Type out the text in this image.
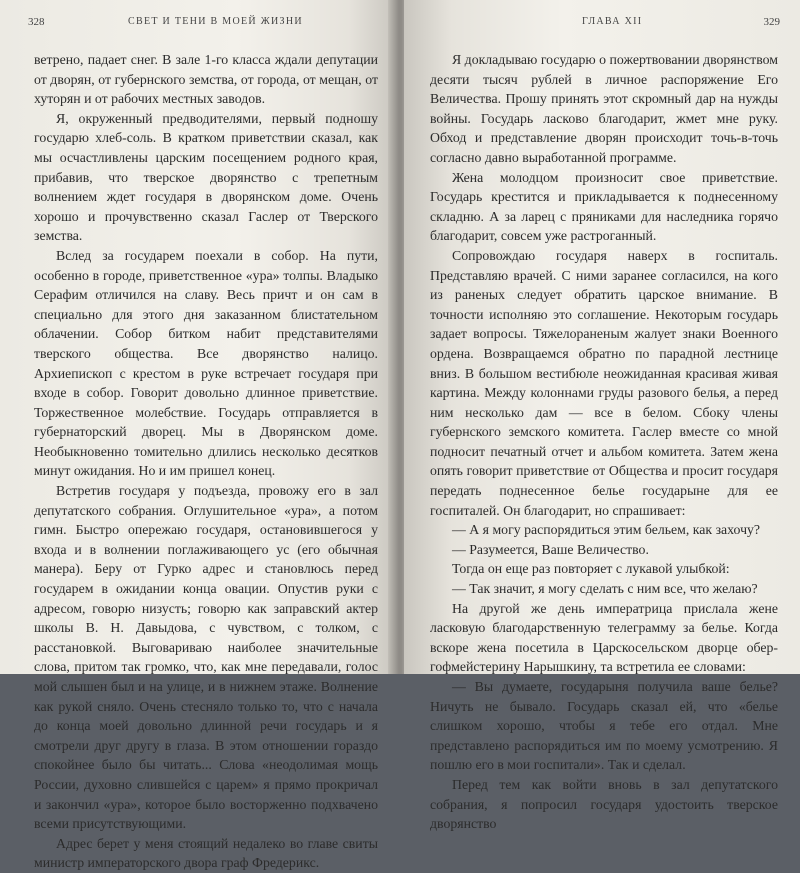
328	СВЕТ И ТЕНИ В МОЕЙ ЖИЗНИ

ветрено, падает снег. В зале 1-го класса ждали депутации от дворян, от губернского земства, от города, от мещан, от хуторян и от рабочих местных заводов.

Я, окруженный предводителями, первый подношу государю хлеб-соль. В кратком приветствии сказал, как мы осчастливлены царским посещением родного края, прибавив, что тверское дворянство с трепетным волнением ждет государя в дворянском доме. Очень хорошо и прочувственно сказал Гаслер от Тверского земства.

Вслед за государем поехали в собор. На пути, особенно в городе, приветственное «ура» толпы. Владыко Серафим отличился на славу. Весь причт и он сам в специально для этого дня заказанном блистательном облачении. Собор битком набит представителями тверского общества. Все дворянство налицо. Архиепископ с крестом в руке встречает государя при входе в собор. Говорит довольно длинное приветствие. Торжественное молебствие. Государь отправляется в губернаторский дворец. Мы в Дворянском доме. Необыкновенно томительно длились несколько десятков минут ожидания. Но и им пришел конец.

Встретив государя у подъезда, провожу его в зал депутатского собрания. Оглушительное «ура», а потом гимн. Быстро опережаю государя, остановившегося у входа и в волнении поглаживающего ус (его обычная манера). Беру от Гурко адрес и становлюсь перед государем в ожидании конца овации. Опустив руки с адресом, говорю низусть; говорю как заправский актер школы В. Н. Давыдова, с чувством, с толком, с расстановкой. Выговариваю наиболее значительные слова, притом так громко, что, как мне передавали, голос мой слышен был и на улице, и в нижнем этаже. Волнение как рукой сняло. Очень стесняло только то, что с начала до конца моей довольно длинной речи государь и я смотрели друг другу в глаза. В этом отношении гораздо спокойнее было бы читать... Слова «неодолимая мощь России, духовно слившейся с царем» я прямо прокричал и закончил «ура», которое было восторженно подхвачено всеми присутствующими.

Адрес берет у меня стоящий недалеко во главе свиты министр императорского двора граф Фредерикс.

ГЛАВА XII	329

Я докладываю государю о пожертвовании дворянством десяти тысяч рублей в личное распоряжение Его Величества. Прошу принять этот скромный дар на нужды войны. Государь ласково благодарит, жмет мне руку. Обход и представление дворян происходит точь-в-точь согласно давно выработанной программе.

Жена молодцом произносит свое приветствие. Государь крестится и прикладывается к поднесенному складню. А за ларец с пряниками для наследника горячо благодарит, совсем уже растроганный.

Сопровождаю государя наверх в госпиталь. Представляю врачей. С ними заранее согласился, на кого из раненых следует обратить царское внимание. В точности исполняю это соглашение. Некоторым государь задает вопросы. Тяжелораненым жалует знаки Военного ордена. Возвращаемся обратно по парадной лестнице вниз. В большом вестибюле неожиданная красивая живая картина. Между колоннами груды разового белья, а перед ним несколько дам — все в белом. Сбоку члены губернского земского комитета. Гаслер вместе со мной подносит печатный отчет и альбом комитета. Затем жена опять говорит приветствие от Общества и просит государя передать поднесенное белье государыне для ее госпиталей. Он благодарит, но спрашивает:

— А я могу распорядиться этим бельем, как захочу?

— Разумеется, Ваше Величество.

Тогда он еще раз повторяет с лукавой улыбкой:

— Так значит, я могу сделать с ним все, что желаю?

На другой же день императрица прислала жене ласковую благодарственную телеграмму за белье. Когда вскоре жена посетила в Царскосельском дворце обер-гофмейстерину Нарышкину, та встретила ее словами:

— Вы думаете, государыня получила ваше белье? Ничуть не бывало. Государь сказал ей, что «белье слишком хорошо, чтобы я тебе его отдал. Мне представлено распорядиться им по моему усмотрению. Я пошлю его в мои госпитали». Так и сделал.

Перед тем как войти вновь в зал депутатского собрания, я попросил государя удостоить тверское дворянство
